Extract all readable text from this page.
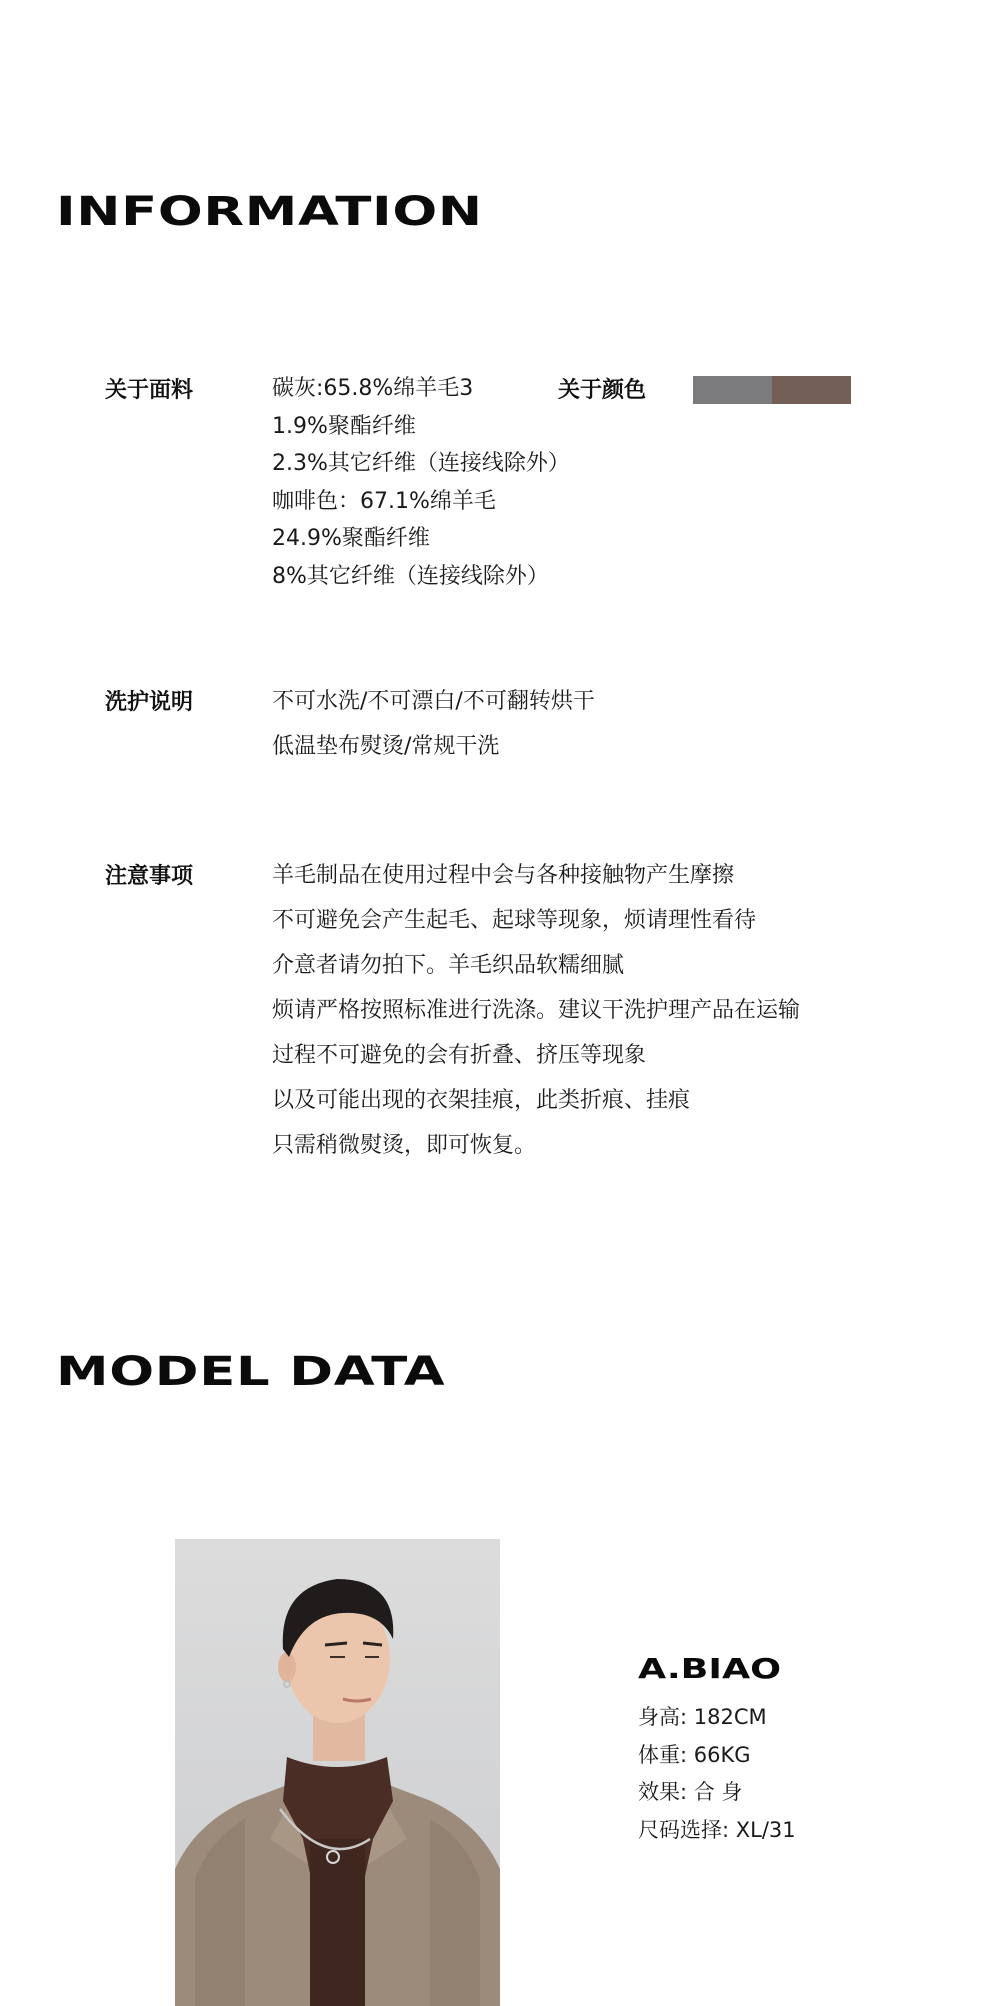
INFORMATION
关于面料	碳灰:65.8%绵羊毛3
1.9%聚酯纤维
2.3%其它纤维（连接线除外）
咖啡色：67.1%绵羊毛
24.9%聚酯纤维
8%其它纤维（连接线除外）
关于颜色
洗护说明	不可水洗/不可漂白/不可翻转烘干
低温垫布熨烫/常规干洗
注意事项	羊毛制品在使用过程中会与各种接触物产生摩擦
不可避免会产生起毛、起球等现象，烦请理性看待
介意者请勿拍下。羊毛织品软糯细腻
烦请严格按照标准进行洗涤。建议干洗护理产品在运输
过程不可避免的会有折叠、挤压等现象
以及可能出现的衣架挂痕，此类折痕、挂痕
只需稍微熨烫，即可恢复。
MODEL DATA
A.BIAO
身高: 182CM
体重: 66KG
效果: 合 身
尺码选择: XL/31
